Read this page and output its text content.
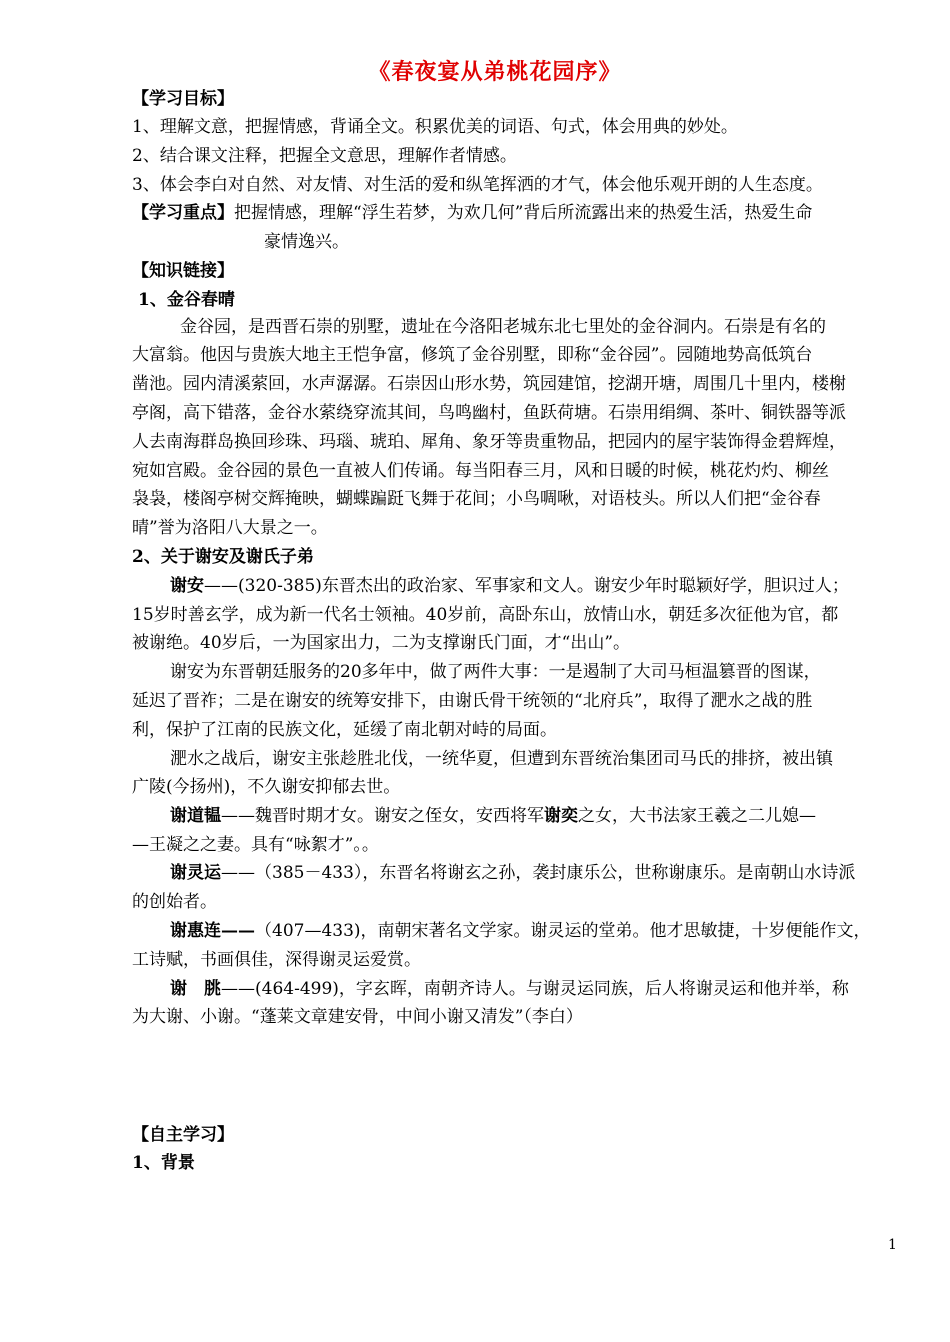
《春夜宴从弟桃花园序》
【学习目标】
1、理解文意，把握情感，背诵全文。积累优美的词语、句式，体会用典的妙处。
2、结合课文注释，把握全文意思，理解作者情感。
3、体会李白对自然、对友情、对生活的爱和纵笔挥洒的才气，体会他乐观开朗的人生态度。
【学习重点】把握情感，理解“浮生若梦，为欢几何”背后所流露出来的热爱生活，热爱生命
豪情逸兴。
【知识链接】
1、金谷春晴
金谷园，是西晋石崇的别墅，遗址在今洛阳老城东北七里处的金谷洞内。石崇是有名的
大富翁。他因与贵族大地主王恺争富，修筑了金谷别墅，即称“金谷园”。园随地势高低筑台
凿池。园内清溪萦回，水声潺潺。石崇因山形水势，筑园建馆，挖湖开塘，周围几十里内，楼榭
亭阁，高下错落，金谷水萦绕穿流其间，鸟鸣幽村，鱼跃荷塘。石崇用绢绸、茶叶、铜铁器等派
人去南海群岛换回珍珠、玛瑙、琥珀、犀角、象牙等贵重物品，把园内的屋宇装饰得金碧辉煌，
宛如宫殿。金谷园的景色一直被人们传诵。每当阳春三月，风和日暖的时候，桃花灼灼、柳丝
袅袅，楼阁亭树交辉掩映，蝴蝶蹁跹飞舞于花间；小鸟啁啾，对语枝头。所以人们把“金谷春
晴”誉为洛阳八大景之一。
2、关于谢安及谢氏子弟
谢安——(320-385)东晋杰出的政治家、军事家和文人。谢安少年时聪颖好学，胆识过人；
15岁时善玄学，成为新一代名士领袖。40岁前，高卧东山，放情山水，朝廷多次征他为官，都
被谢绝。40岁后，一为国家出力，二为支撑谢氏门面，才“出山”。
谢安为东晋朝廷服务的20多年中，做了两件大事：一是遏制了大司马桓温篡晋的图谋，
延迟了晋祚；二是在谢安的统筹安排下，由谢氏骨干统领的“北府兵”，取得了淝水之战的胜
利，保护了江南的民族文化，延缓了南北朝对峙的局面。
淝水之战后，谢安主张趁胜北伐，一统华夏，但遭到东晋统治集团司马氏的排挤，被出镇
广陵(今扬州)，不久谢安抑郁去世。
谢道韫——魏晋时期才女。谢安之侄女，安西将军谢奕之女，大书法家王羲之二儿媳—
—王凝之之妻。具有“咏絮才”。。
谢灵运——（385－433），东晋名将谢玄之孙，袭封康乐公，世称谢康乐。是南朝山水诗派
的创始者。
谢惠连——（407—433)，南朝宋著名文学家。谢灵运的堂弟。他才思敏捷，十岁便能作文，
工诗赋，书画俱佳，深得谢灵运爱赏。
谢　朓——(464-499)，字玄晖，南朝齐诗人。与谢灵运同族，后人将谢灵运和他并举，称
为大谢、小谢。“蓬莱文章建安骨，中间小谢又清发”（李白）
【自主学习】
1、背景
1
